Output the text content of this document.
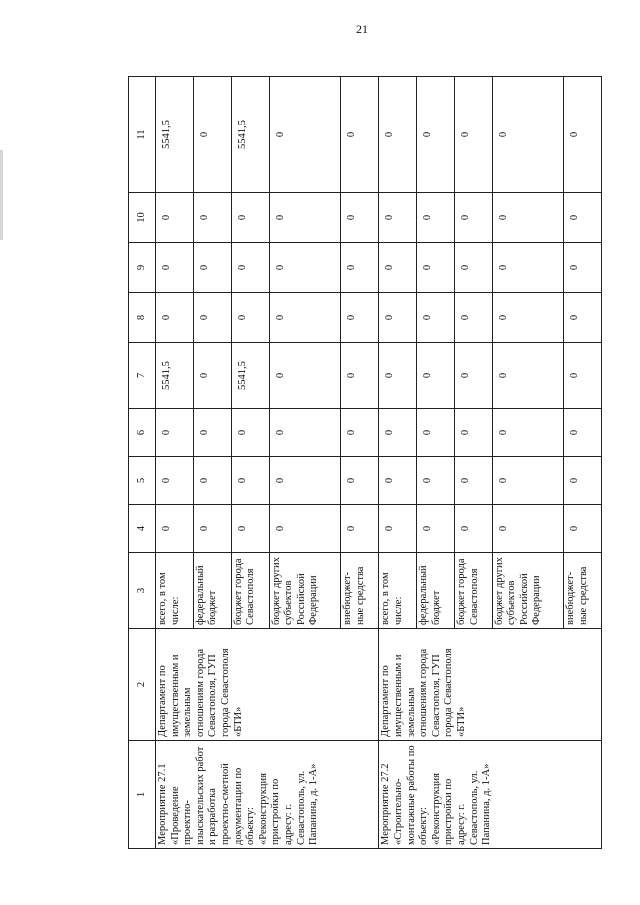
21
1	2	3	4	5	6	7	8	9	10	11
Мероприятие 27.1 «Проведение проектно-изыскательских работ и разработка проектно-сметной документации по объекту: «Реконструкция пристройки по адресу: г. Севастополь, ул. Папанина, д. 1-А»	Департамент по имущественным и земельным отношениям города Севастополя, ГУП города Севастополя «БТИ»	всего, в том числе:	0	0	0	5541,5	0	0	0	5541,5
		федеральный бюджет	0	0	0	0	0	0	0	0
		бюджет города Севастополя	0	0	0	5541,5	0	0	0	5541,5
		бюджет других субъектов Российской Федерации	0	0	0	0	0	0	0	0
		внебюджет-ные средства	0	0	0	0	0	0	0	0
Мероприятие 27.2 «Строительно-монтажные работы по объекту: «Реконструкция пристройки по адресу: г. Севастополь, ул. Папанина, д. 1-А»	Департамент по имущественным и земельным отношениям города Севастополя, ГУП города Севастополя «БТИ»	всего, в том числе:	0	0	0	0	0	0	0	0
		федеральный бюджет	0	0	0	0	0	0	0	0
		бюджет города Севастополя	0	0	0	0	0	0	0	0
		бюджет других субъектов Российской Федерации	0	0	0	0	0	0	0	0
		внебюджет-ные средства	0	0	0	0	0	0	0	0
